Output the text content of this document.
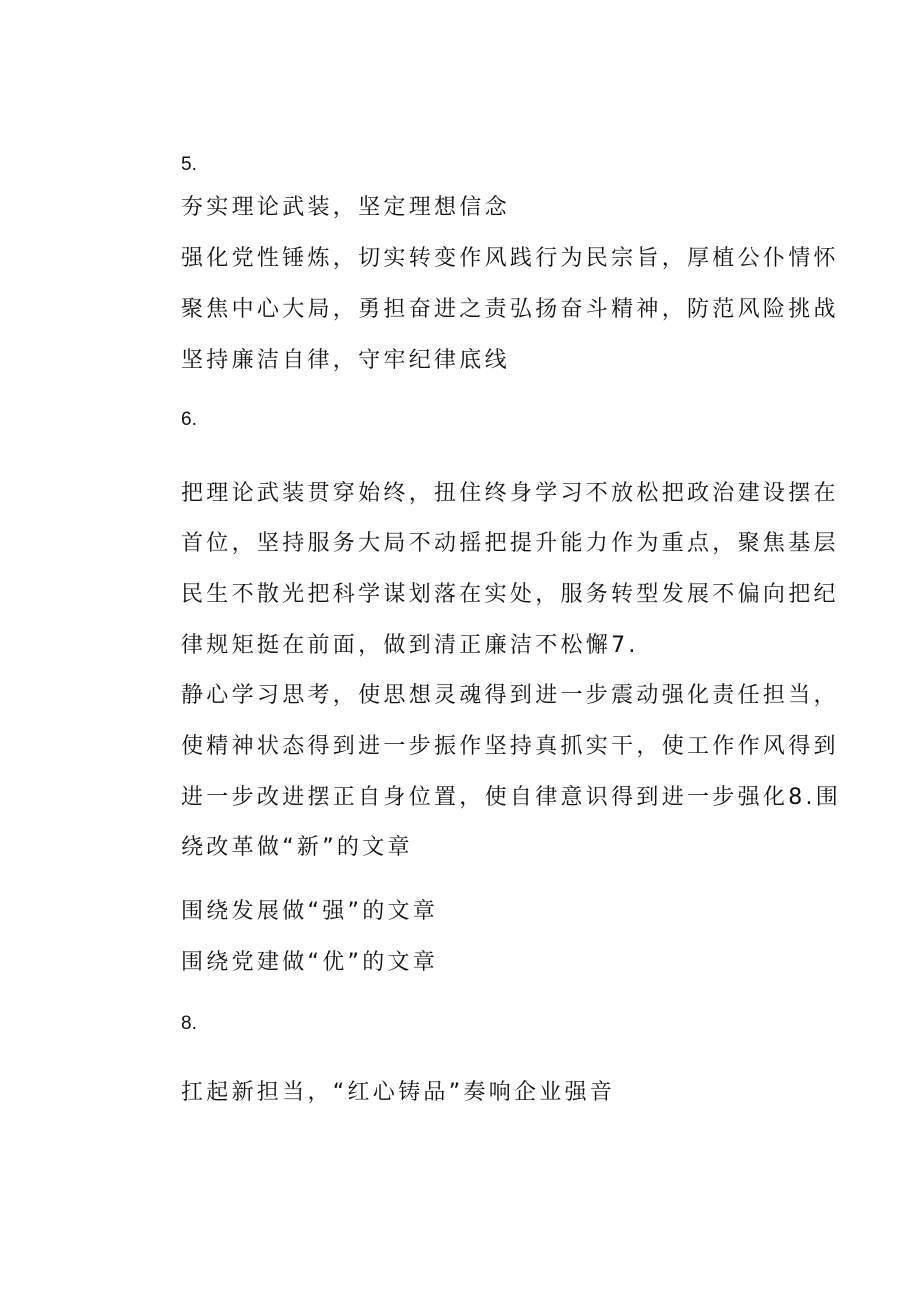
5.
夯实理论武装，坚定理想信念
强化党性锤炼，切实转变作风践行为民宗旨，厚植公仆情怀
聚焦中心大局，勇担奋进之责弘扬奋斗精神，防范风险挑战
坚持廉洁自律，守牢纪律底线
6.
把理论武装贯穿始终，扭住终身学习不放松把政治建设摆在
首位，坚持服务大局不动摇把提升能力作为重点，聚焦基层
民生不散光把科学谋划落在实处，服务转型发展不偏向把纪
律规矩挺在前面，做到清正廉洁不松懈7.
静心学习思考，使思想灵魂得到进一步震动强化责任担当，
使精神状态得到进一步振作坚持真抓实干，使工作作风得到
进一步改进摆正自身位置，使自律意识得到进一步强化8.围
绕改革做“新”的文章
围绕发展做“强”的文章
围绕党建做“优”的文章
8.
扛起新担当，“红心铸品”奏响企业强音
